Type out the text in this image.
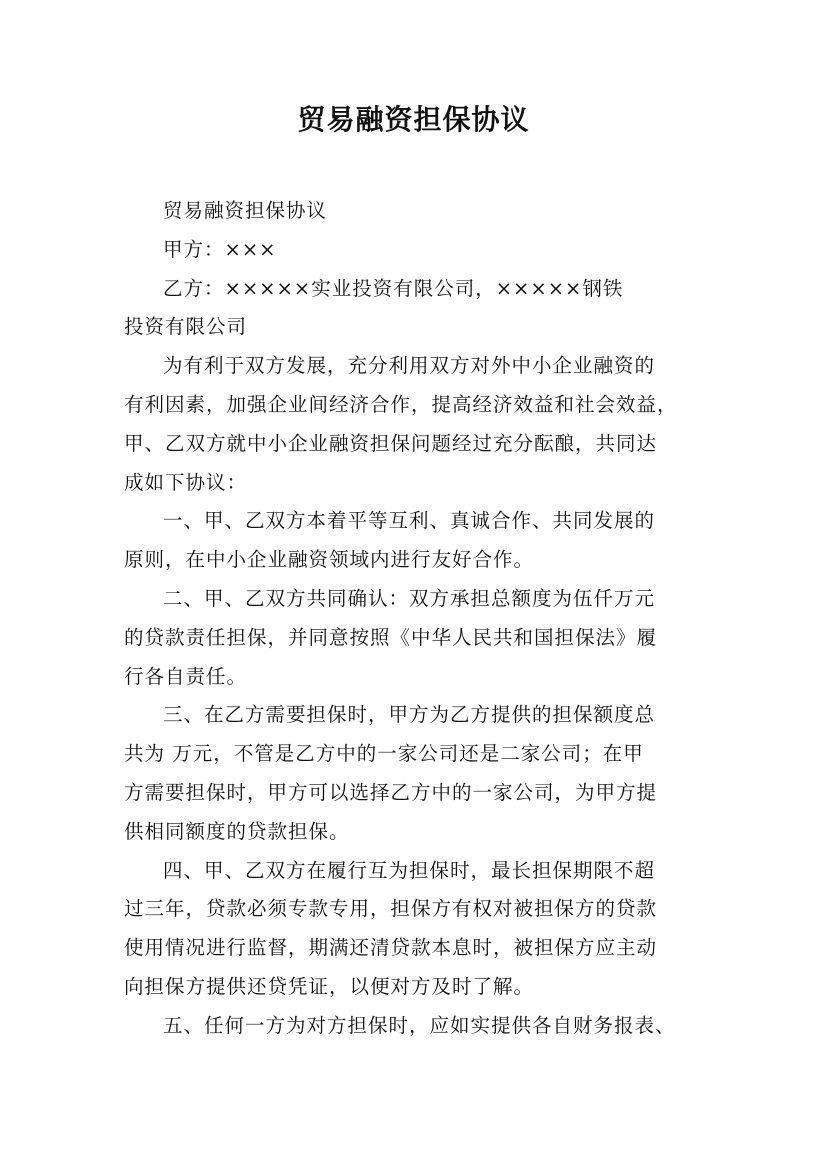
贸易融资担保协议
贸易融资担保协议
甲方：×××
乙方：×××××实业投资有限公司，×××××钢铁
投资有限公司
为有利于双方发展，充分利用双方对外中小企业融资的
有利因素，加强企业间经济合作，提高经济效益和社会效益，
甲、乙双方就中小企业融资担保问题经过充分酝酿，共同达
成如下协议：
一、甲、乙双方本着平等互利、真诚合作、共同发展的
原则，在中小企业融资领域内进行友好合作。
二、甲、乙双方共同确认：双方承担总额度为伍仟万元
的贷款责任担保，并同意按照《中华人民共和国担保法》履
行各自责任。
三、在乙方需要担保时，甲方为乙方提供的担保额度总
共为 万元，不管是乙方中的一家公司还是二家公司；在甲
方需要担保时，甲方可以选择乙方中的一家公司，为甲方提
供相同额度的贷款担保。
四、甲、乙双方在履行互为担保时，最长担保期限不超
过三年，贷款必须专款专用，担保方有权对被担保方的贷款
使用情况进行监督，期满还清贷款本息时，被担保方应主动
向担保方提供还贷凭证，以便对方及时了解。
五、任何一方为对方担保时，应如实提供各自财务报表、
